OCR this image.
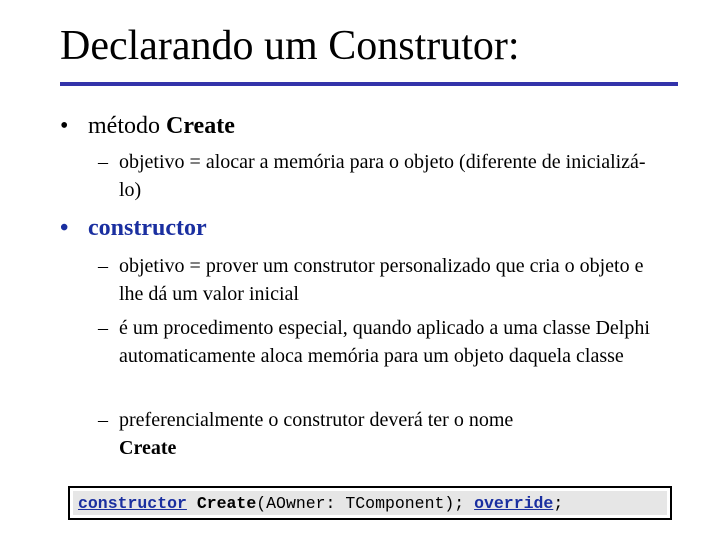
Declarando um Construtor:
• método Create
– objetivo = alocar a memória para o objeto (diferente de inicializá-lo)
• constructor
– objetivo = prover um construtor personalizado que cria o objeto e lhe dá um valor inicial
– é um procedimento especial, quando aplicado a uma classe Delphi automaticamente aloca memória para um objeto daquela classe
– preferencialmente o construtor deverá ter o nome
Create
constructor Create(AOwner: TComponent); override;
